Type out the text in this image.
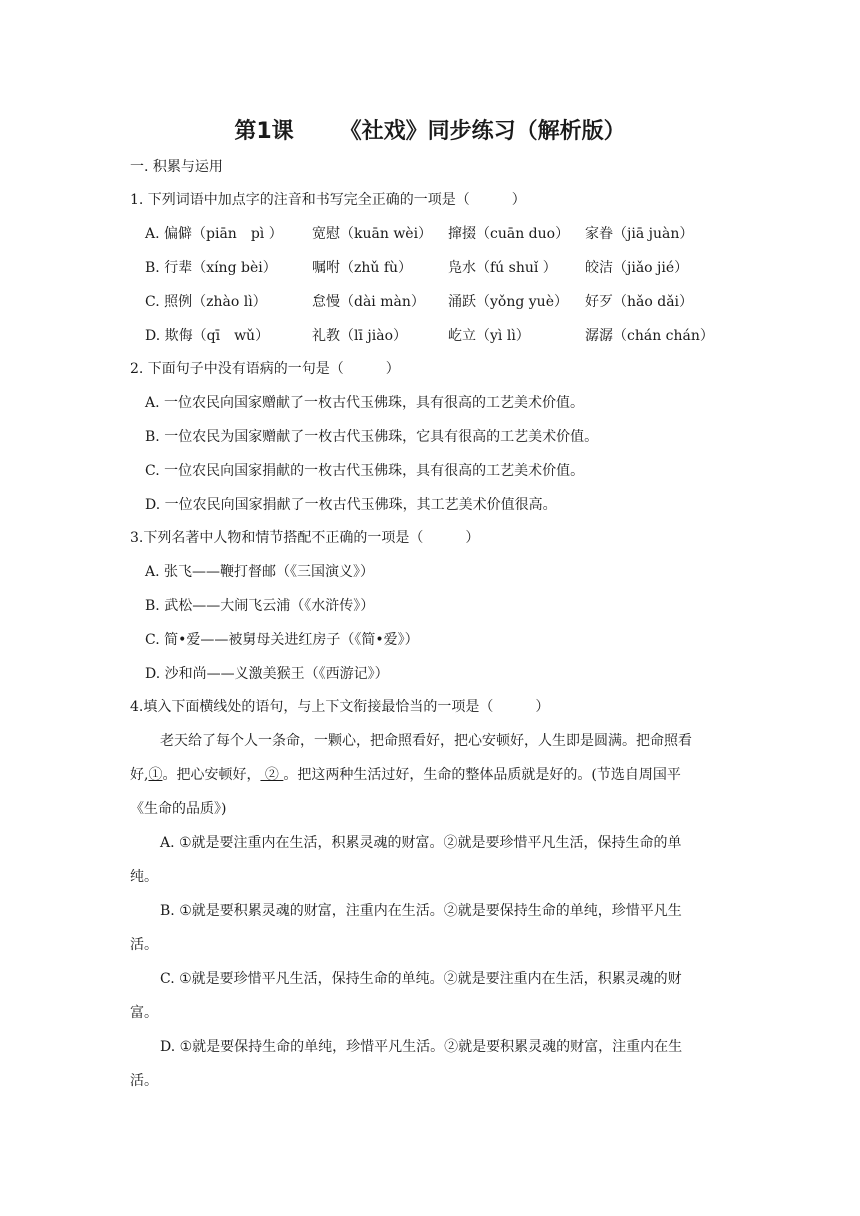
第1课      《社戏》同步练习（解析版）
一. 积累与运用
1. 下列词语中加点字的注音和书写完全正确的一项是（　　　）
A. 偏僻（piān　pì ） 宽慰（kuān wèi） 撺掇（cuān duo） 家眷（jiā juàn）
B. 行辈（xíng bèi）	嘱咐（zhǔ fù）	凫水（fú shuǐ ） 皎洁（jiǎo jié）
C. 照例（zhào lì）	怠慢（dài màn） 涌跃（yǒng yuè） 好歹（hǎo dǎi）
D. 欺侮（qī　wǔ）	礼教（lī jiào）	屹立（yì lì）	潺潺（chán chán）
2. 下面句子中没有语病的一句是（　　　）
A. 一位农民向国家赠献了一枚古代玉佛珠，具有很高的工艺美术价值。
B. 一位农民为国家赠献了一枚古代玉佛珠，它具有很高的工艺美术价值。
C. 一位农民向国家捐献的一枚古代玉佛珠，具有很高的工艺美术价值。
D. 一位农民向国家捐献了一枚古代玉佛珠，其工艺美术价值很高。
3.下列名著中人物和情节搭配不正确的一项是（　　　）
A. 张飞——鞭打督邮（《三国演义》）
B. 武松——大闹飞云浦（《水浒传》）
C. 简•爱——被舅母关进红房子（《简•爱》）
D. 沙和尚——义激美猴王（《西游记》）
4.填入下面横线处的语句，与上下文衔接最恰当的一项是（　　　）
老天给了每个人一条命，一颗心，把命照看好，把心安顿好，人生即是圆满。把命照看
好,①。把心安顿好， ② 。把这两种生活过好，生命的整体品质就是好的。(节选自周国平
《生命的品质》)
A. ①就是要注重内在生活，积累灵魂的财富。②就是要珍惜平凡生活，保持生命的单
纯。
B. ①就是要积累灵魂的财富，注重内在生活。②就是要保持生命的单纯，珍惜平凡生
活。
C. ①就是要珍惜平凡生活，保持生命的单纯。②就是要注重内在生活，积累灵魂的财
富。
D. ①就是要保持生命的单纯，珍惜平凡生活。②就是要积累灵魂的财富，注重内在生
活。
